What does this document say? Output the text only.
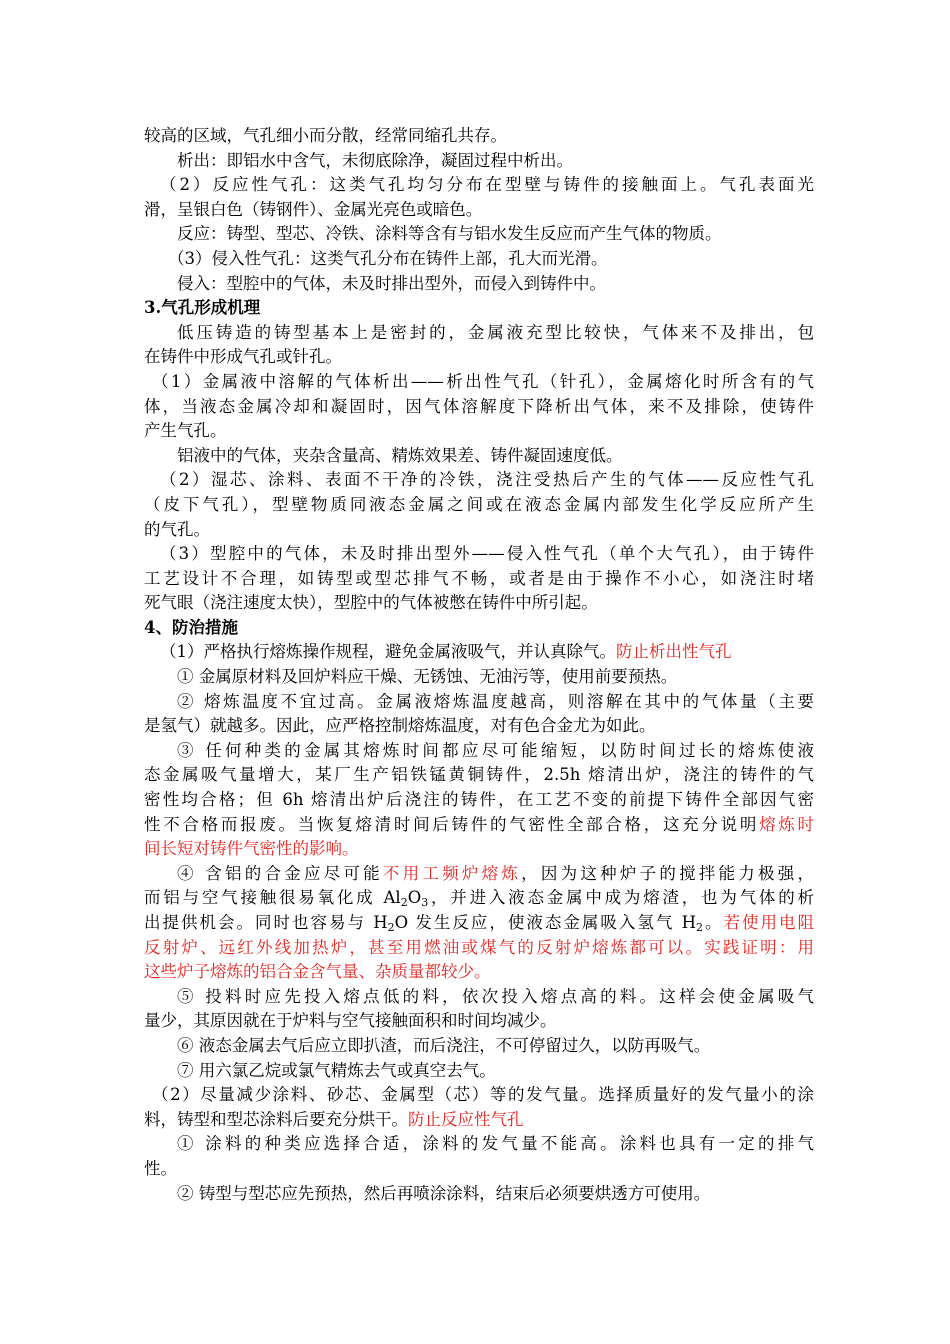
较高的区域，气孔细小而分散，经常同缩孔共存。
析出：即铝水中含气，未彻底除净，凝固过程中析出。
（2）反应性气孔：这类气孔均匀分布在型壁与铸件的接触面上。气孔表面光
滑，呈银白色（铸钢件）、金属光亮色或暗色。
反应：铸型、型芯、冷铁、涂料等含有与铝水发生反应而产生气体的物质。
（3）侵入性气孔：这类气孔分布在铸件上部，孔大而光滑。
侵入：型腔中的气体，未及时排出型外，而侵入到铸件中。
3.气孔形成机理
低压铸造的铸型基本上是密封的，金属液充型比较快，气体来不及排出，包
在铸件中形成气孔或针孔。
（1）金属液中溶解的气体析出——析出性气孔（针孔），金属熔化时所含有的气
体，当液态金属冷却和凝固时，因气体溶解度下降析出气体，来不及排除，使铸件
产生气孔。
铝液中的气体，夹杂含量高、精炼效果差、铸件凝固速度低。
（2）湿芯、涂料、表面不干净的冷铁，浇注受热后产生的气体——反应性气孔
（皮下气孔），型壁物质同液态金属之间或在液态金属内部发生化学反应所产生
的气孔。
（3）型腔中的气体，未及时排出型外——侵入性气孔（单个大气孔），由于铸件
工艺设计不合理，如铸型或型芯排气不畅，或者是由于操作不小心，如浇注时堵
死气眼（浇注速度太快），型腔中的气体被憋在铸件中所引起。
4、防治措施
（1）严格执行熔炼操作规程，避免金属液吸气，并认真除气。防止析出性气孔
① 金属原材料及回炉料应干燥、无锈蚀、无油污等，使用前要预热。
② 熔炼温度不宜过高。金属液熔炼温度越高，则溶解在其中的气体量（主要
是氢气）就越多。因此，应严格控制熔炼温度，对有色合金尤为如此。
③ 任何种类的金属其熔炼时间都应尽可能缩短，以防时间过长的熔炼使液
态金属吸气量增大，某厂生产铝铁锰黄铜铸件，2.5h 熔清出炉，浇注的铸件的气
密性均合格；但 6h 熔清出炉后浇注的铸件，在工艺不变的前提下铸件全部因气密
性不合格而报废。当恢复熔清时间后铸件的气密性全部合格，这充分说明熔炼时
间长短对铸件气密性的影响。
④ 含铝的合金应尽可能不用工频炉熔炼，因为这种炉子的搅拌能力极强，
而铝与空气接触很易氧化成 $Al_2O_3$，并进入液态金属中成为熔渣，也为气体的析
出提供机会。同时也容易与 $H_2O$ 发生反应，使液态金属吸入氢气 $H_2$。若使用电阻
反射炉、远红外线加热炉，甚至用燃油或煤气的反射炉熔炼都可以。实践证明：用
这些炉子熔炼的铝合金含气量、杂质量都较少。
⑤ 投料时应先投入熔点低的料，依次投入熔点高的料。这样会使金属吸气
量少，其原因就在于炉料与空气接触面积和时间均减少。
⑥ 液态金属去气后应立即扒渣，而后浇注，不可停留过久，以防再吸气。
⑦ 用六氯乙烷或氯气精炼去气或真空去气。
（2）尽量减少涂料、砂芯、金属型（芯）等的发气量。选择质量好的发气量小的涂
料，铸型和型芯涂料后要充分烘干。防止反应性气孔
① 涂料的种类应选择合适，涂料的发气量不能高。涂料也具有一定的排气
性。
② 铸型与型芯应先预热，然后再喷涂涂料，结束后必须要烘透方可使用。
